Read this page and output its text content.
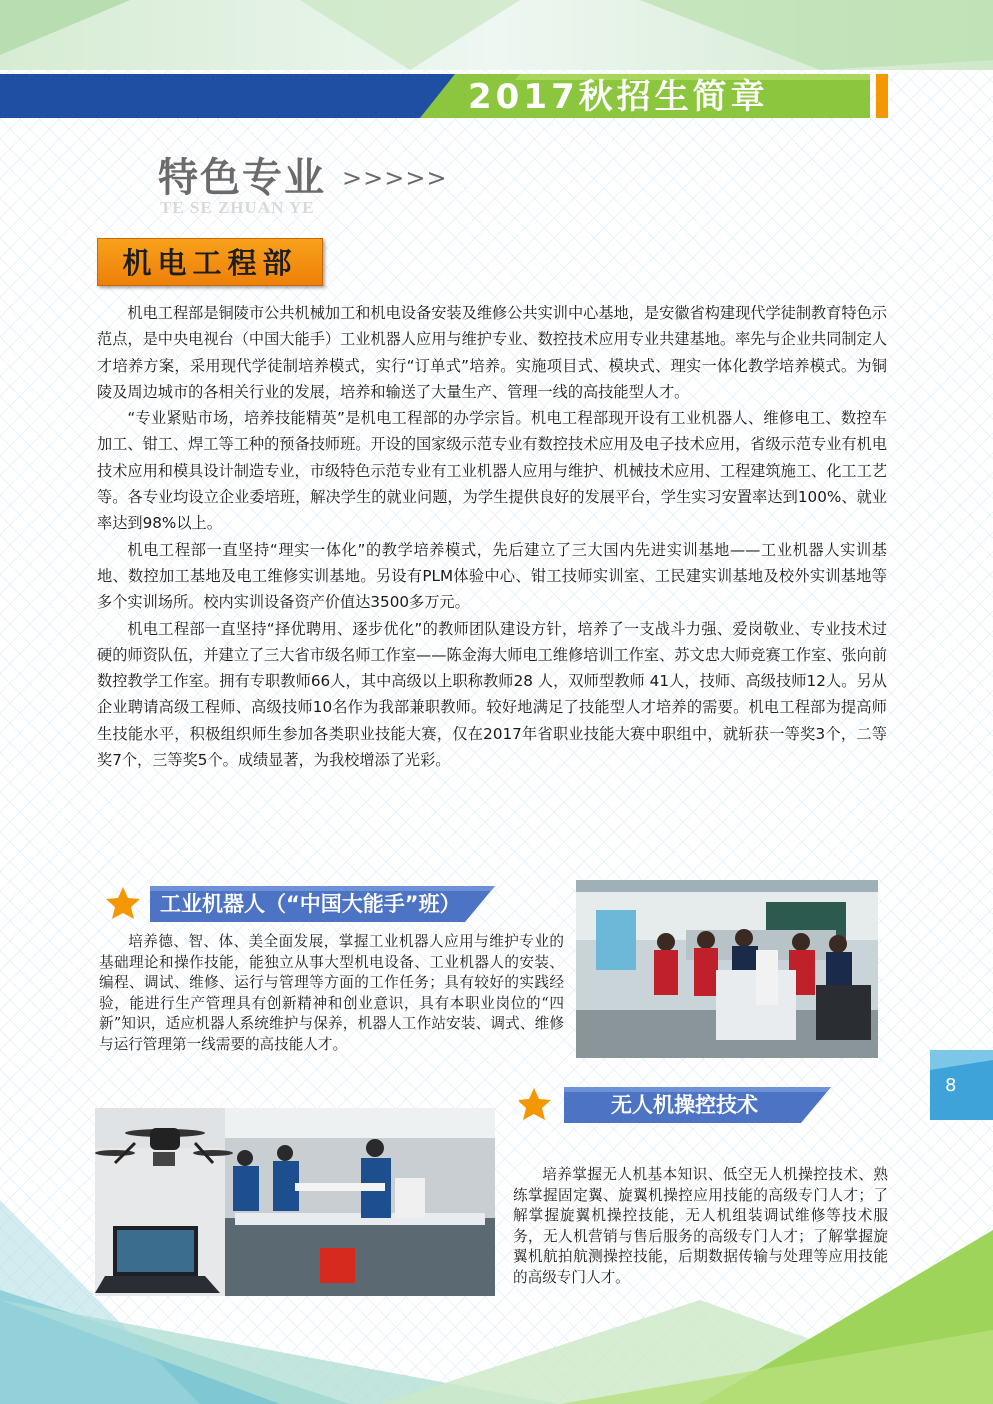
2017秋招生简章
特色专业 >>>>>
TE SE ZHUAN YE
机电工程部

机电工程部是铜陵市公共机械加工和机电设备安装及维修公共实训中心基地，是安徽省构建现代学徒制教育特色示范点，是中央电视台（中国大能手）工业机器人应用与维护专业、数控技术应用专业共建基地。率先与企业共同制定人才培养方案，采用现代学徒制培养模式，实行“订单式”培养。实施项目式、模块式、理实一体化教学培养模式。为铜陵及周边城市的各相关行业的发展，培养和输送了大量生产、管理一线的高技能型人才。

“专业紧贴市场，培养技能精英”是机电工程部的办学宗旨。机电工程部现开设有工业机器人、维修电工、数控车加工、钳工、焊工等工种的预备技师班。开设的国家级示范专业有数控技术应用及电子技术应用，省级示范专业有机电技术应用和模具设计制造专业，市级特色示范专业有工业机器人应用与维护、机械技术应用、工程建筑施工、化工工艺等。各专业均设立企业委培班，解决学生的就业问题，为学生提供良好的发展平台，学生实习安置率达到100%、就业率达到98%以上。

机电工程部一直坚持“理实一体化”的教学培养模式，先后建立了三大国内先进实训基地——工业机器人实训基地、数控加工基地及电工维修实训基地。另设有PLM体验中心、钳工技师实训室、工民建实训基地及校外实训基地等多个实训场所。校内实训设备资产价值达3500多万元。

机电工程部一直坚持“择优聘用、逐步优化”的教师团队建设方针，培养了一支战斗力强、爱岗敬业、专业技术过硬的师资队伍，并建立了三大省市级名师工作室——陈金海大师电工维修培训工作室、苏文忠大师竞赛工作室、张向前数控教学工作室。拥有专职教师66人，其中高级以上职称教师28 人，双师型教师 41人，技师、高级技师12人。另从企业聘请高级工程师、高级技师10名作为我部兼职教师。较好地满足了技能型人才培养的需要。机电工程部为提高师生技能水平，积极组织师生参加各类职业技能大赛，仅在2017年省职业技能大赛中职组中，就斩获一等奖3个，二等奖7个，三等奖5个。成绩显著，为我校增添了光彩。

工业机器人（“中国大能手”班）

培养德、智、体、美全面发展，掌握工业机器人应用与维护专业的基础理论和操作技能，能独立从事大型机电设备、工业机器人的安装、编程、调试、维修、运行与管理等方面的工作任务；具有较好的实践经验，能进行生产管理具有创新精神和创业意识，具有本职业岗位的“四新”知识，适应机器人系统维护与保养，机器人工作站安装、调式、维修与运行管理第一线需要的高技能人才。

无人机操控技术

培养掌握无人机基本知识、低空无人机操控技术、熟练掌握固定翼、旋翼机操控应用技能的高级专门人才；了解掌握旋翼机操控技能，无人机组装调试维修等技术服 务，无人机营销与售后服务的高级专门人才；了解掌握旋翼机航拍航测操控技能，后期数据传输与处理等应用技能的高级专门人才。

8
